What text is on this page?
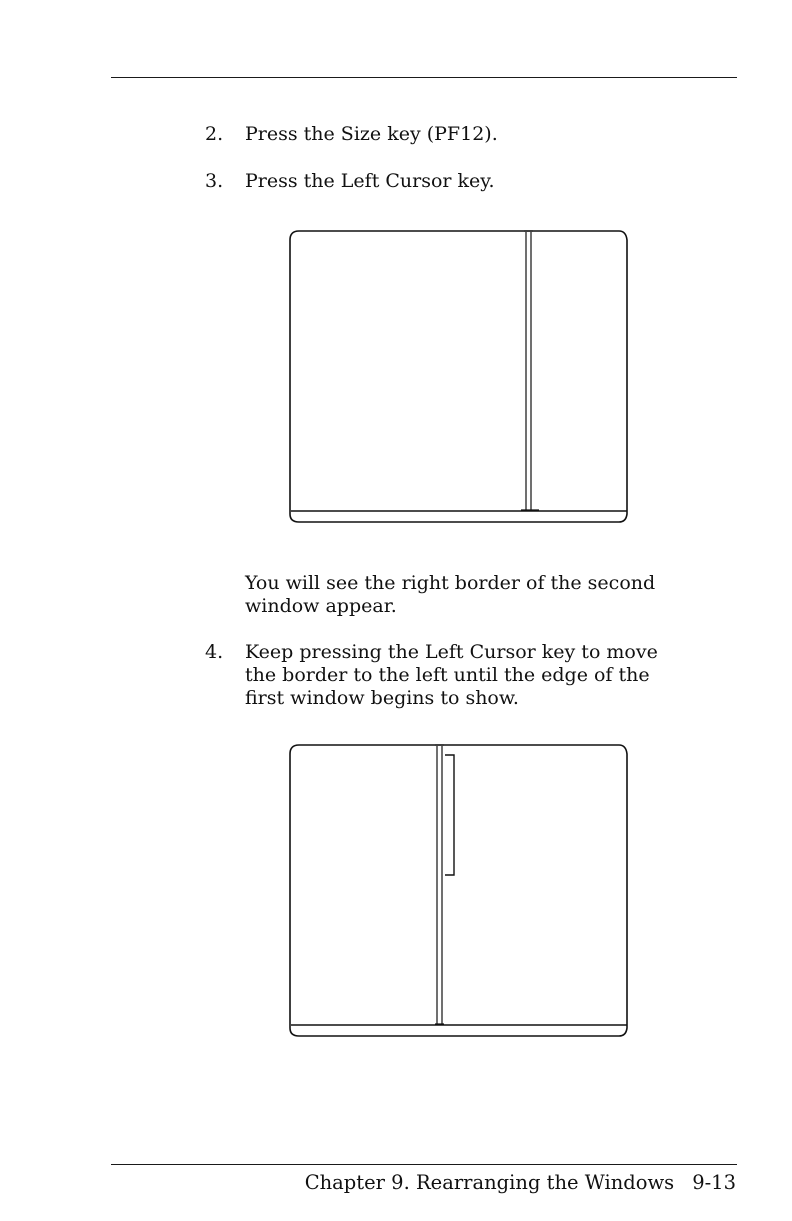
2. Press the Size key (PF12).
3. Press the Left Cursor key.
You will see the right border of the second
window appear.
4. Keep pressing the Left Cursor key to move
the border to the left until the edge of the
first window begins to show.
Chapter 9. Rearranging the Windows 9-13
